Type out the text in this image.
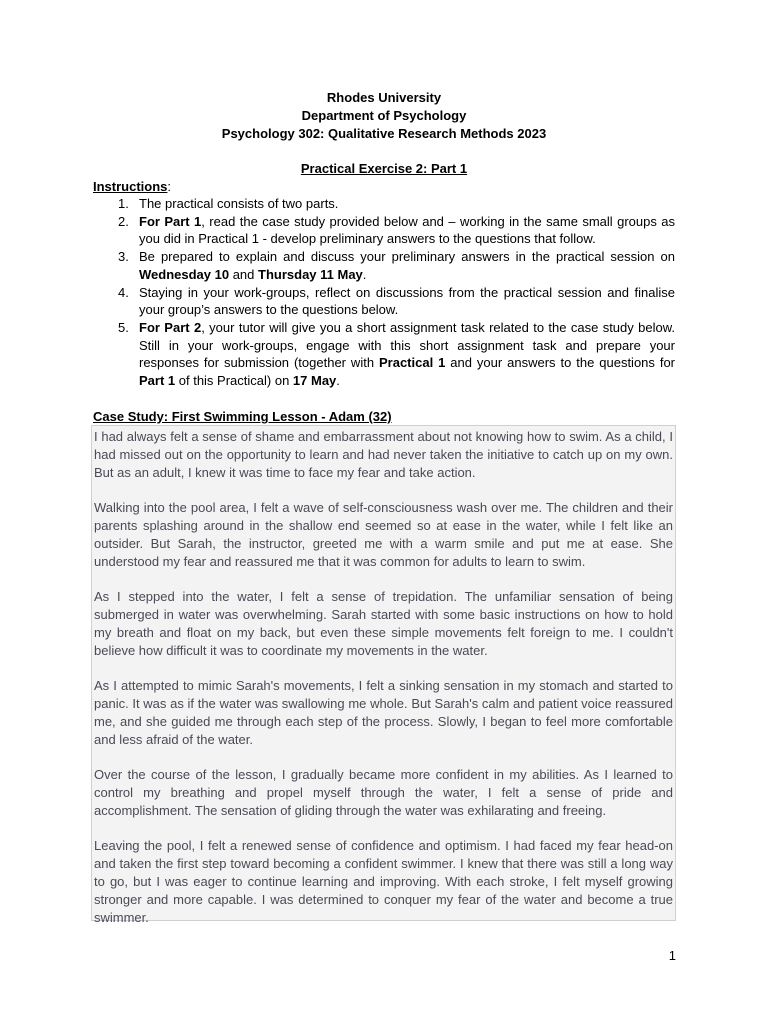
Rhodes University
Department of Psychology
Psychology 302: Qualitative Research Methods 2023
Practical Exercise 2: Part 1
Instructions:
1. The practical consists of two parts.
2. For Part 1, read the case study provided below and – working in the same small groups as you did in Practical 1 - develop preliminary answers to the questions that follow.
3. Be prepared to explain and discuss your preliminary answers in the practical session on Wednesday 10 and Thursday 11 May.
4. Staying in your work-groups, reflect on discussions from the practical session and finalise your group’s answers to the questions below.
5. For Part 2, your tutor will give you a short assignment task related to the case study below. Still in your work-groups, engage with this short assignment task and prepare your responses for submission (together with Practical 1 and your answers to the questions for Part 1 of this Practical) on 17 May.
Case Study: First Swimming Lesson - Adam (32)

I had always felt a sense of shame and embarrassment about not knowing how to swim. As a child, I had missed out on the opportunity to learn and had never taken the initiative to catch up on my own. But as an adult, I knew it was time to face my fear and take action.

Walking into the pool area, I felt a wave of self-consciousness wash over me. The children and their parents splashing around in the shallow end seemed so at ease in the water, while I felt like an outsider. But Sarah, the instructor, greeted me with a warm smile and put me at ease. She understood my fear and reassured me that it was common for adults to learn to swim.

As I stepped into the water, I felt a sense of trepidation. The unfamiliar sensation of being submerged in water was overwhelming. Sarah started with some basic instructions on how to hold my breath and float on my back, but even these simple movements felt foreign to me. I couldn't believe how difficult it was to coordinate my movements in the water.

As I attempted to mimic Sarah's movements, I felt a sinking sensation in my stomach and started to panic. It was as if the water was swallowing me whole. But Sarah's calm and patient voice reassured me, and she guided me through each step of the process. Slowly, I began to feel more comfortable and less afraid of the water.

Over the course of the lesson, I gradually became more confident in my abilities. As I learned to control my breathing and propel myself through the water, I felt a sense of pride and accomplishment. The sensation of gliding through the water was exhilarating and freeing.

Leaving the pool, I felt a renewed sense of confidence and optimism. I had faced my fear head-on and taken the first step toward becoming a confident swimmer. I knew that there was still a long way to go, but I was eager to continue learning and improving. With each stroke, I felt myself growing stronger and more capable. I was determined to conquer my fear of the water and become a true swimmer.

1
